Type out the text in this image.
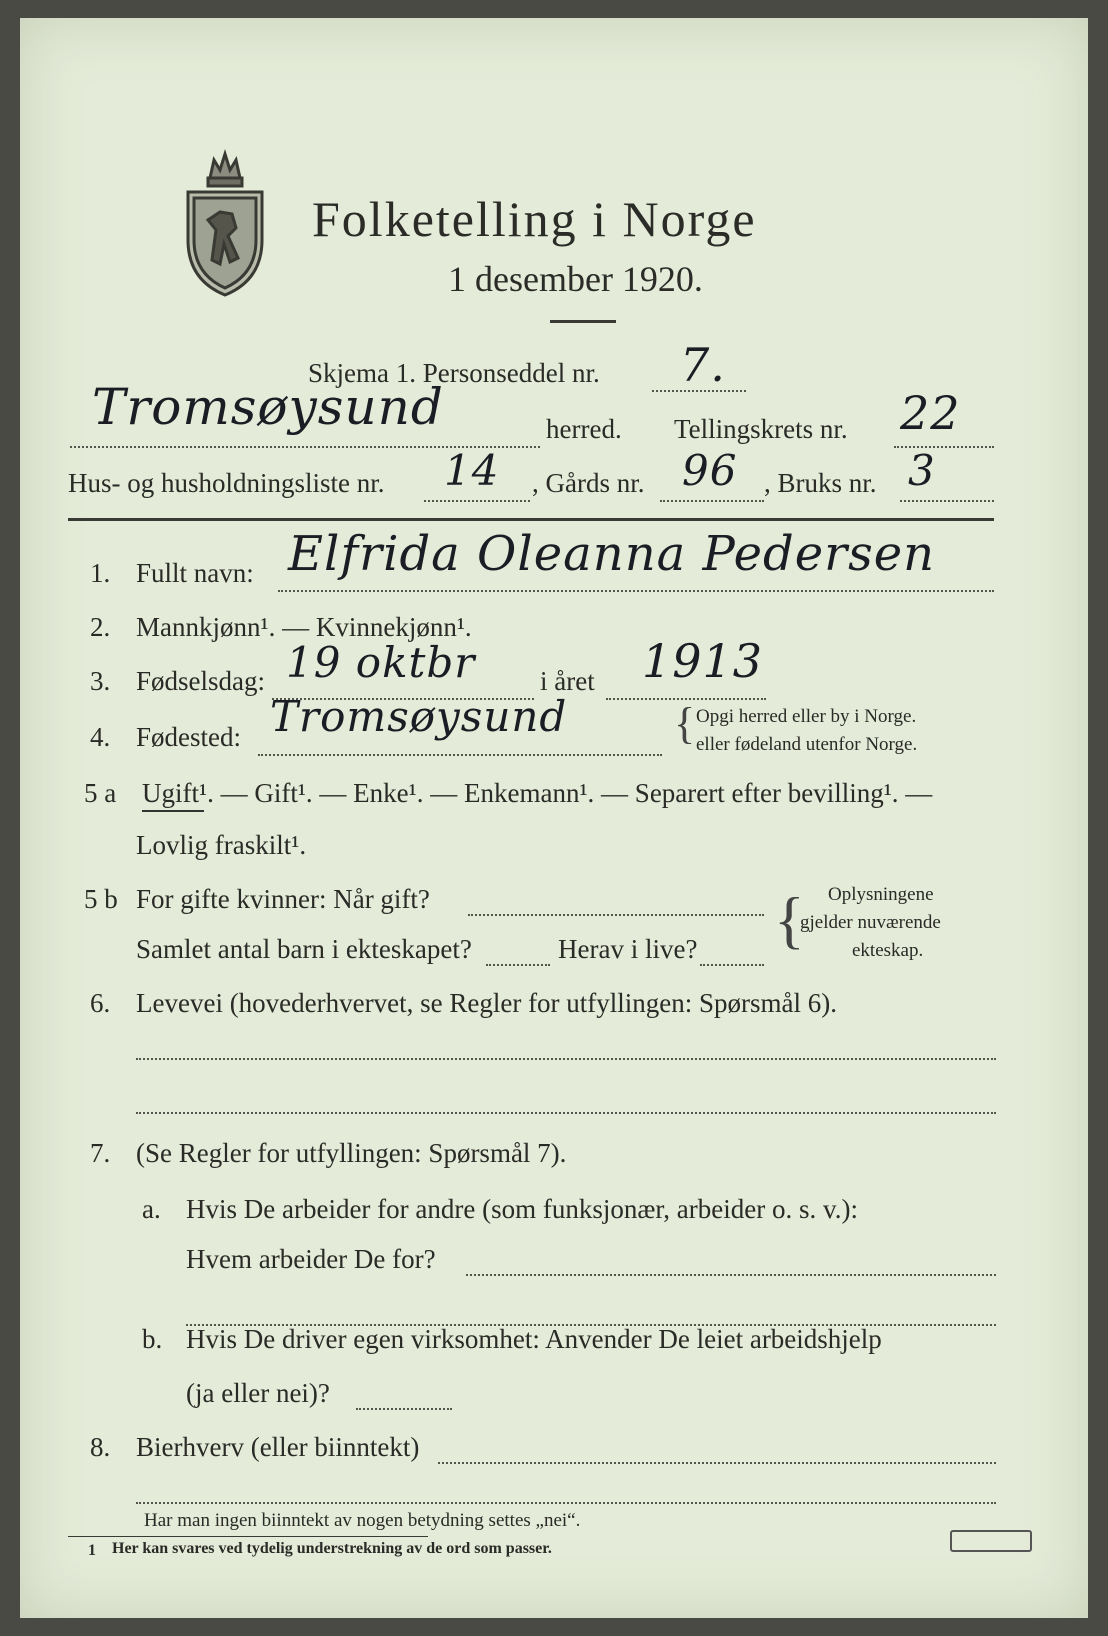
Folketelling i Norge
1 desember 1920.
Skjema 1. Personseddel nr. 7.
Tromsøysund	herred. Tellingskrets nr. 22
Hus- og husholdningsliste nr. 14 , Gårds nr. 96 , Bruks nr. 3
1. Fullt navn: Elfrida Oleanna Pedersen
2. Mannkjønn¹. — Kvinnekjønn¹.
3. Fødselsdag: 19 oktbr i året 1913
4. Fødested: Tromsøysund { Opgi herred eller by i Norge.
eller fødeland utenfor Norge.
5 a Ugift¹. — Gift¹. — Enke¹. — Enkemann¹. — Separert efter bevilling¹. —
Lovlig fraskilt¹.
5 b For gifte kvinner: Når gift?
Samlet antal barn i ekteskapet?	Herav i live? { Oplysningene
gjelder nuværende
ekteskap.
6. Levevei (hovederhvervet, se Regler for utfyllingen: Spørsmål 6).
7. (Se Regler for utfyllingen: Spørsmål 7).
a. Hvis De arbeider for andre (som funksjonær, arbeider o. s. v.):
Hvem arbeider De for?
b. Hvis De driver egen virksomhet: Anvender De leiet arbeidshjelp
(ja eller nei)?
8. Bierhverv (eller biinntekt)
Har man ingen biinntekt av nogen betydning settes „nei“.
1 Her kan svares ved tydelig understrekning av de ord som passer.
